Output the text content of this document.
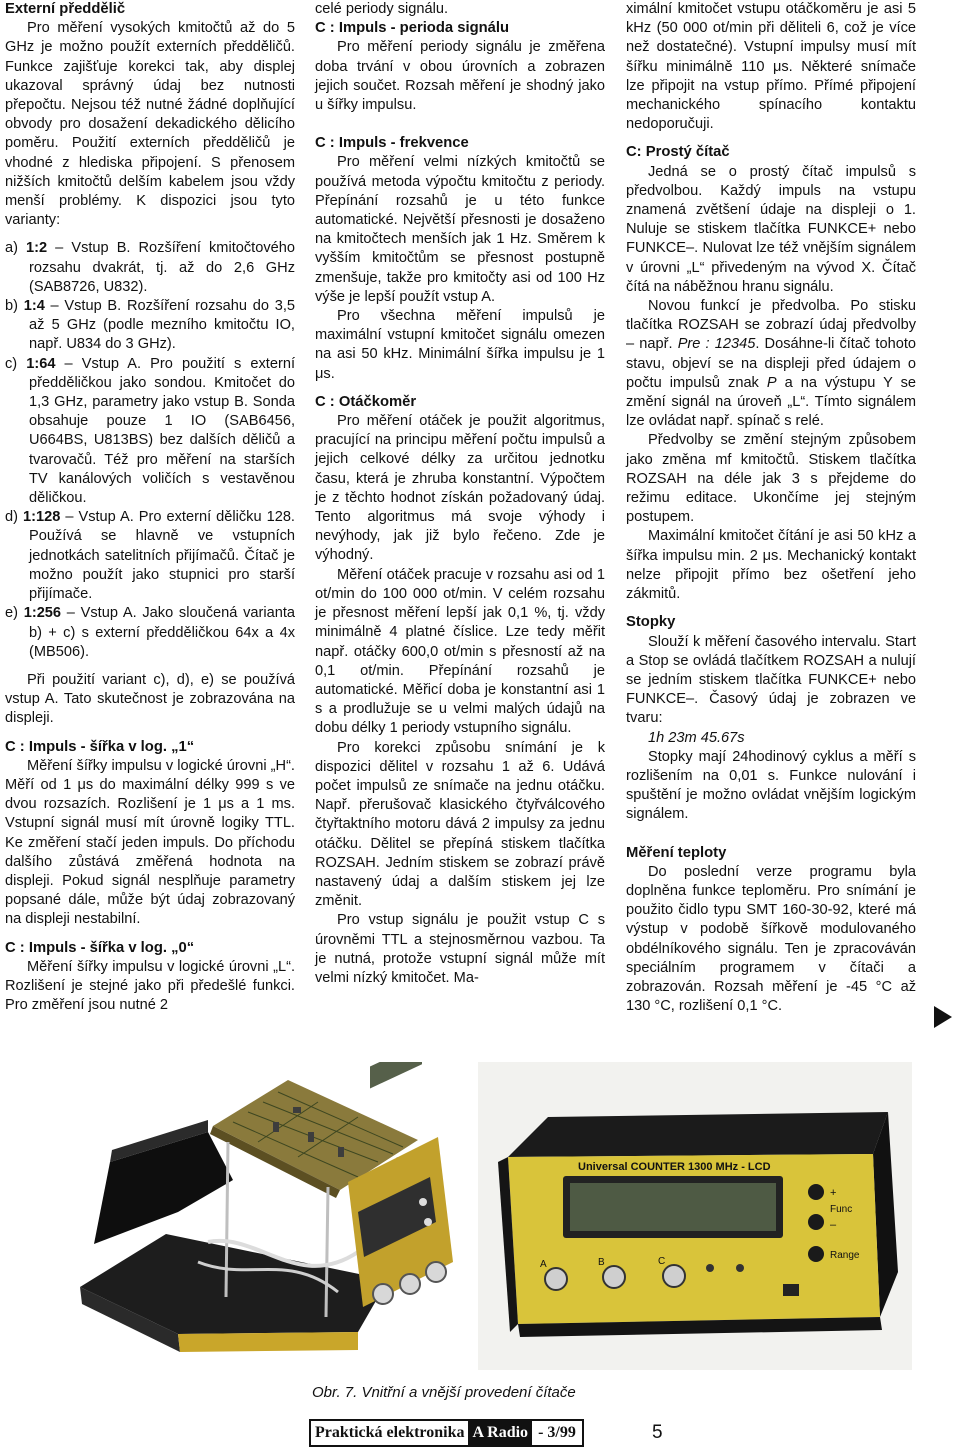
Externí předdělič

Pro měření vysokých kmitočtů až do 5 GHz je možno použít externích předděličů. Funkce zajišťuje korekci tak, aby displej ukazoval správný údaj bez nutnosti přepočtu. Nejsou též nutné žádné doplňující obvody pro dosažení dekadického dělicího poměru. Použití externích předděličů je vhodné z hlediska připojení. S přenosem nižších kmitočtů delším kabelem jsou vždy menší problémy. K dispozici jsou tyto varianty:

a) 1:2 – Vstup B. Rozšíření kmitočtového rozsahu dvakrát, tj. až do 2,6 GHz (SAB8726, U832).
b) 1:4 – Vstup B. Rozšíření rozsahu do 3,5 až 5 GHz (podle mezního kmitočtu IO, např. U834 do 3 GHz).
c) 1:64 – Vstup A. Pro použití s externí předděličkou jako sondou. Kmitočet do 1,3 GHz, parametry jako vstup B. Sonda obsahuje pouze 1 IO (SAB6456, U664BS, U813BS) bez dalších děličů a tvarovačů. Též pro měření na starších TV kanálových voličích s vestavěnou děličkou.
d) 1:128 – Vstup A. Pro externí děličku 128. Používá se hlavně ve vstupních jednotkách satelitních přijímačů. Čítač je možno použít jako stupnici pro starší přijímače.
e) 1:256 – Vstup A. Jako sloučená varianta b) + c) s externí předděličkou 64x a 4x (MB506).

Při použití variant c), d), e) se používá vstup A. Tato skutečnost je zobrazována na displeji.

C : Impuls - šířka v log. „1“

Měření šířky impulsu v logické úrovni „H“. Měří od 1 μs do maximální délky 999 s ve dvou rozsazích. Rozlišení je 1 μs a 1 ms. Vstupní signál musí mít úrovně logiky TTL. Ke změření stačí jeden impuls. Do příchodu dalšího zůstává změřená hodnota na displeji. Pokud signál nesplňuje parametry popsané dále, může být údaj zobrazovaný na displeji nestabilní.

C : Impuls - šířka v log. „0“

Měření šířky impulsu v logické úrovni „L“. Rozlišení je stejné jako při předešlé funkci. Pro změření jsou nutné 2

celé periody signálu.

C : Impuls - perioda signálu

Pro měření periody signálu je změřena doba trvání v obou úrovních a zobrazen jejich součet. Rozsah měření je shodný jako u šířky impulsu.

C : Impuls - frekvence

Pro měření velmi nízkých kmitočtů se používá metoda výpočtu kmitočtu z periody. Přepínání rozsahů je u této funkce automatické. Největší přesnosti je dosaženo na kmitočtech menších jak 1 Hz. Směrem k vyšším kmitočtům se přesnost postupně zmenšuje, takže pro kmitočty asi od 100 Hz výše je lepší použít vstup A.

Pro všechna měření impulsů je maximální vstupní kmitočet signálu omezen na asi 50 kHz. Minimální šířka impulsu je 1 μs.

C : Otáčkoměr

Pro měření otáček je použit algoritmus, pracující na principu měření počtu impulsů a jejich celkové délky za určitou jednotku času, která je zhruba konstantní. Výpočtem je z těchto hodnot získán požadovaný údaj. Tento algoritmus má svoje výhody i nevýhody, jak již bylo řečeno. Zde je výhodný.

Měření otáček pracuje v rozsahu asi od 1 ot/min do 100 000 ot/min. V celém rozsahu je přesnost měření lepší jak 0,1 %, tj. vždy minimálně 4 platné číslice. Lze tedy měřit např. otáčky 600,0 ot/min s přesností až na 0,1 ot/min. Přepínání rozsahů je automatické. Měřicí doba je konstantní asi 1 s a prodlužuje se u velmi malých údajů na dobu délky 1 periody vstupního signálu.

Pro korekci způsobu snímání je k dispozici dělitel v rozsahu 1 až 6. Udává počet impulsů ze snímače na jednu otáčku. Např. přerušovač klasického čtyřválcového čtyřtaktního motoru dává 2 impulsy za jednu otáčku. Dělitel se přepíná stiskem tlačítka ROZSAH. Jedním stiskem se zobrazí právě nastavený údaj a dalším stiskem jej lze změnit.

Pro vstup signálu je použit vstup C s úrovněmi TTL a stejnosměrnou vazbou. Ta je nutná, protože vstupní signál může mít velmi nízký kmitočet. Ma-

ximální kmitočet vstupu otáčkoměru je asi 5 kHz (50 000 ot/min při děliteli 6, což je více než dostatečné). Vstupní impulsy musí mít šířku minimálně 110 μs. Některé snímače lze připojit na vstup přímo. Přímé připojení mechanického spínacího kontaktu nedoporučuji.

C: Prostý čítač

Jedná se o prostý čítač impulsů s předvolbou. Každý impuls na vstupu znamená zvětšení údaje na displeji o 1. Nuluje se stiskem tlačítka FUNKCE+ nebo FUNKCE–. Nulovat lze též vnějším signálem v úrovni „L“ přivedeným na vývod X. Čítač čítá na náběžnou hranu signálu.

Novou funkcí je předvolba. Po stisku tlačítka ROZSAH se zobrazí údaj předvolby – např. Pre : 12345. Dosáhne-li čítač tohoto stavu, objeví se na displeji před údajem o počtu impulsů znak P a na výstupu Y se změní signál na úroveň „L“. Tímto signálem lze ovládat např. spínač s relé.

Předvolby se změní stejným způsobem jako změna mf kmitočtů. Stiskem tlačítka ROZSAH na déle jak 3 s přejdeme do režimu editace. Ukončíme jej stejným postupem.

Maximální kmitočet čítání je asi 50 kHz a šířka impulsu min. 2 μs. Mechanický kontakt nelze připojit přímo bez ošetření jeho zákmitů.

Stopky

Slouží k měření časového intervalu. Start a Stop se ovládá tlačítkem ROZSAH a nulují se jedním stiskem tlačítka FUNKCE+ nebo FUNKCE–. Časový údaj je zobrazen ve tvaru:

1h 23m 45.67s

Stopky mají 24hodinový cyklus a měří s rozlišením na 0,01 s. Funkce nulování i spuštění je možno ovládat vnějším logickým signálem.

Měření teploty

Do poslední verze programu byla doplněna funkce teploměru. Pro snímání je použito čidlo typu SMT 160-30-92, které má výstup v podobě šířkově modulovaného obdélníkového signálu. Ten je zpracováván speciálním programem v čítači a zobrazován. Rozsah měření je -45 °C až 130 °C, rozlišení 0,1 °C.

Universal COUNTER 1300 MHz - LCD
+
Func
–
Range
A	B	C
Obr. 7. Vnitřní a vnější provedení čítače
Praktická elektronika A Radio - 3/99	5
